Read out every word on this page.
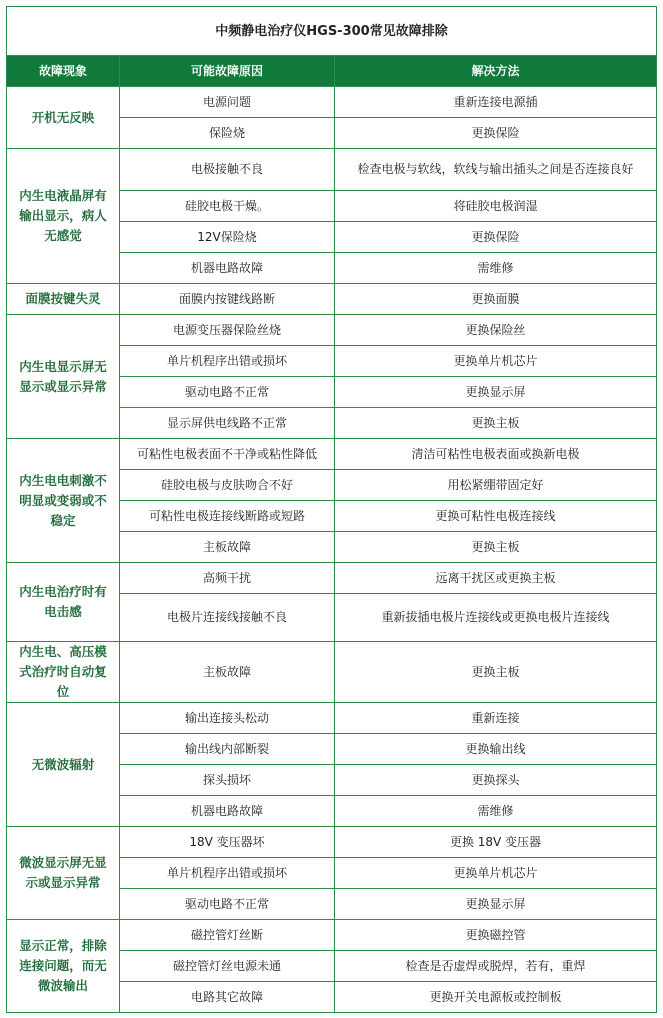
中频静电治疗仪HGS-300常见故障排除		
故障现象	可能故障原因	解决方法
开机无反映	电源问题	重新连接电源插
	保险烧	更换保险
内生电液晶屏有输出显示，病人无感觉	电极接触不良	检查电极与软线，软线与输出插头之间是否连接良好
	硅胶电极干燥。	将硅胶电极润湿
	12V保险烧	更换保险
	机器电路故障	需维修
面膜按键失灵	面膜内按键线路断	更换面膜
内生电显示屏无显示或显示异常	电源变压器保险丝烧	更换保险丝
	单片机程序出错或损坏	更换单片机芯片
	驱动电路不正常	更换显示屏
	显示屏供电线路不正常	更换主板
内生电电刺激不明显或变弱或不稳定	可粘性电极表面不干净或粘性降低	清洁可粘性电极表面或换新电极
	硅胶电极与皮肤吻合不好	用松紧绷带固定好
	可粘性电极连接线断路或短路	更换可粘性电极连接线
	主板故障	更换主板
内生电治疗时有电击感	高频干扰	远离干扰区或更换主板
	电极片连接线接触不良	重新拔插电极片连接线或更换电极片连接线
内生电、高压模式治疗时自动复位	主板故障	更换主板
无微波辐射	输出连接头松动	重新连接
	输出线内部断裂	更换输出线
	探头损坏	更换探头
	机器电路故障	需维修
微波显示屏无显示或显示异常	18V 变压器坏	更换 18V 变压器
	单片机程序出错或损坏	更换单片机芯片
	驱动电路不正常	更换显示屏
显示正常，排除连接问题，而无微波输出	磁控管灯丝断	更换磁控管
	磁控管灯丝电源未通	检查是否虚焊或脱焊，若有，重焊
	电路其它故障	更换开关电源板或控制板
